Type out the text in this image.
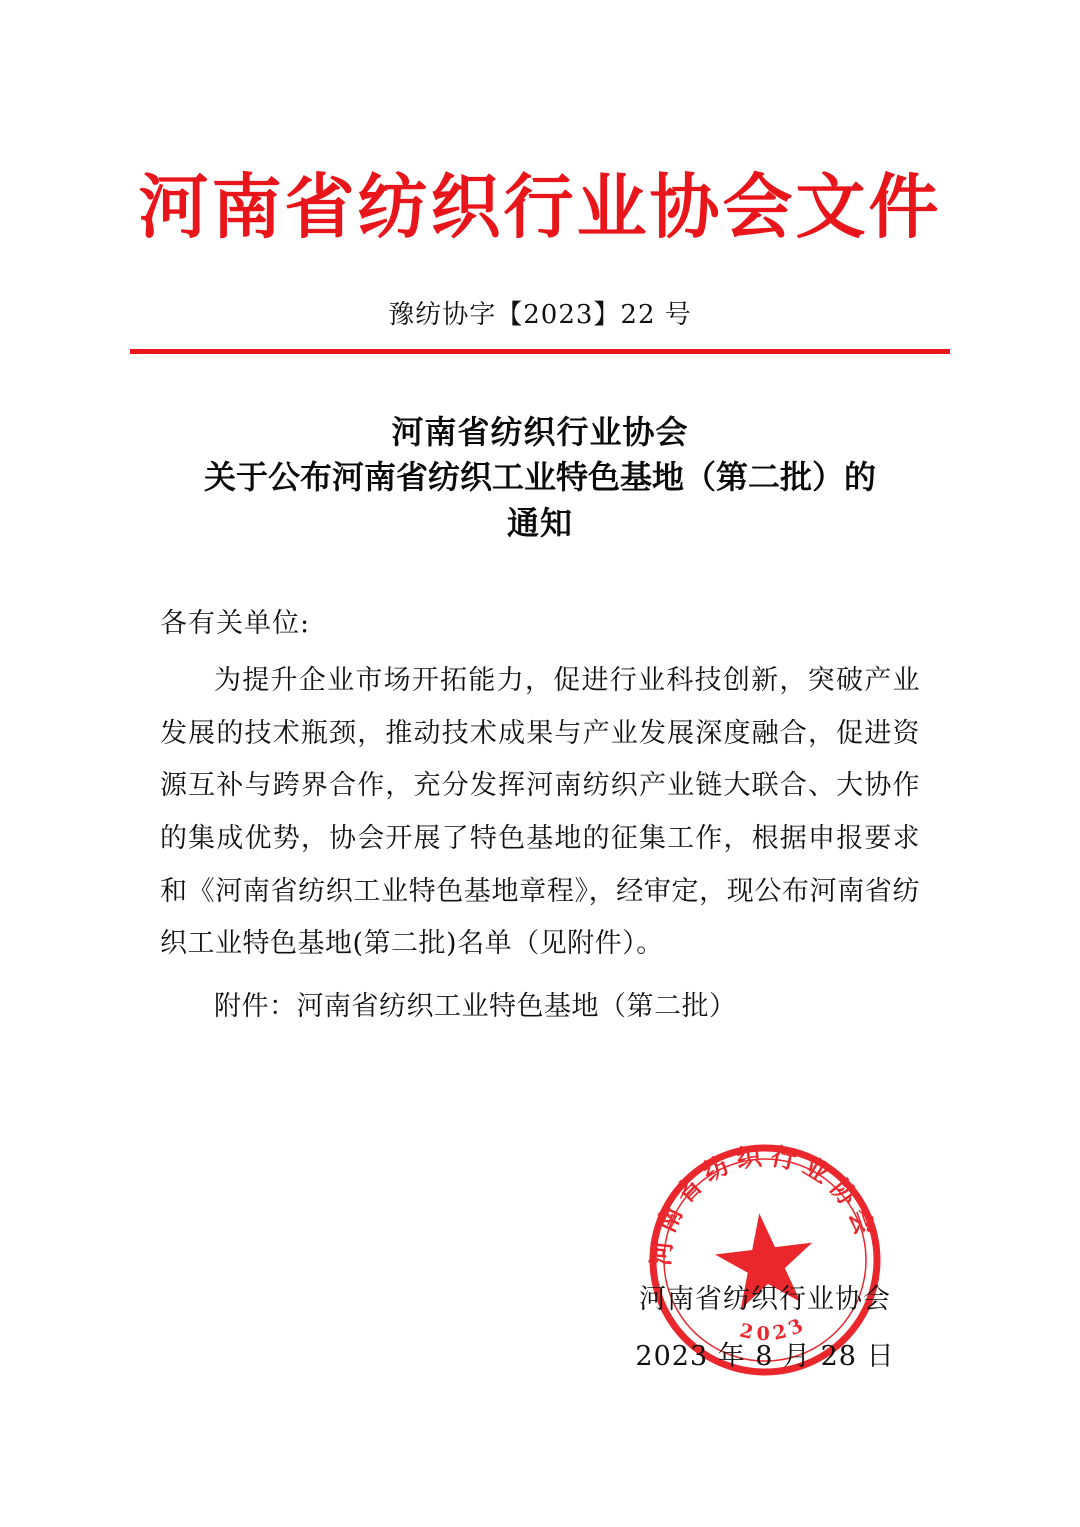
河南省纺织行业协会文件
豫纺协字【2023】22 号
河南省纺织行业协会
关于公布河南省纺织工业特色基地（第二批）的
通知
各有关单位:
为提升企业市场开拓能力，促进行业科技创新，突破产业发展的技术瓶颈，推动技术成果与产业发展深度融合，促进资源互补与跨界合作，充分发挥河南纺织产业链大联合、大协作的集成优势，协会开展了特色基地的征集工作，根据申报要求和《河南省纺织工业特色基地章程》，经审定，现公布河南省纺织工业特色基地(第二批)名单（见附件）。
附件：河南省纺织工业特色基地（第二批）
河南省纺织行业协会
2023
河南省纺织行业协会
2023 年 8 月 28 日
